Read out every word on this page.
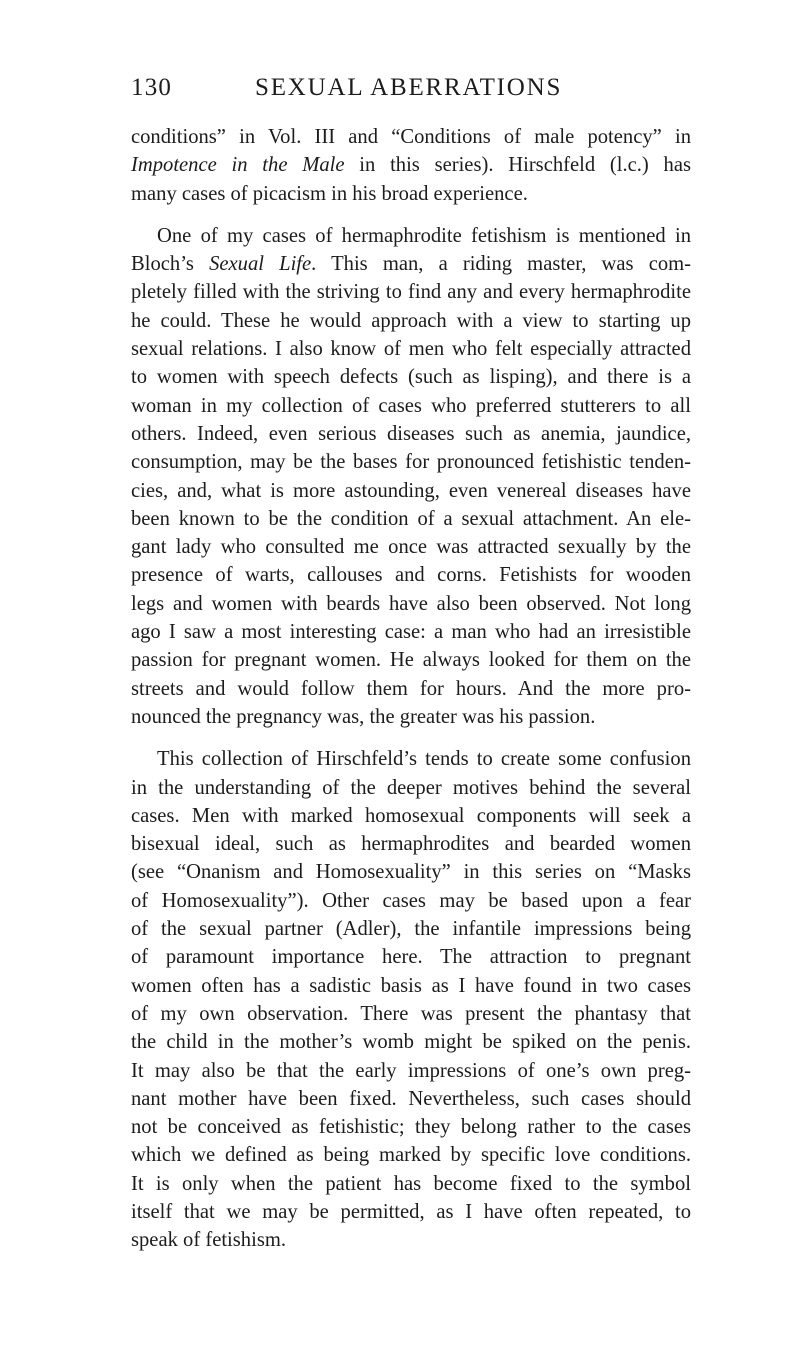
130	SEXUAL ABERRATIONS
conditions” in Vol. III and “Conditions of male potency” in
Impotence in the Male in this series). Hirschfeld (l.c.) has
many cases of picacism in his broad experience.
One of my cases of hermaphrodite fetishism is mentioned in
Bloch’s Sexual Life. This man, a riding master, was com-
pletely filled with the striving to find any and every hermaphrodite
he could. These he would approach with a view to starting up
sexual relations. I also know of men who felt especially attracted
to women with speech defects (such as lisping), and there is a
woman in my collection of cases who preferred stutterers to all
others. Indeed, even serious diseases such as anemia, jaundice,
consumption, may be the bases for pronounced fetishistic tenden-
cies, and, what is more astounding, even venereal diseases have
been known to be the condition of a sexual attachment. An ele-
gant lady who consulted me once was attracted sexually by the
presence of warts, callouses and corns. Fetishists for wooden
legs and women with beards have also been observed. Not long
ago I saw a most interesting case: a man who had an irresistible
passion for pregnant women. He always looked for them on the
streets and would follow them for hours. And the more pro-
nounced the pregnancy was, the greater was his passion.
This collection of Hirschfeld’s tends to create some confusion
in the understanding of the deeper motives behind the several
cases. Men with marked homosexual components will seek a
bisexual ideal, such as hermaphrodites and bearded women
(see “Onanism and Homosexuality” in this series on “Masks
of Homosexuality”). Other cases may be based upon a fear
of the sexual partner (Adler), the infantile impressions being
of paramount importance here. The attraction to pregnant
women often has a sadistic basis as I have found in two cases
of my own observation. There was present the phantasy that
the child in the mother’s womb might be spiked on the penis.
It may also be that the early impressions of one’s own preg-
nant mother have been fixed. Nevertheless, such cases should
not be conceived as fetishistic; they belong rather to the cases
which we defined as being marked by specific love conditions.
It is only when the patient has become fixed to the symbol
itself that we may be permitted, as I have often repeated, to
speak of fetishism.
